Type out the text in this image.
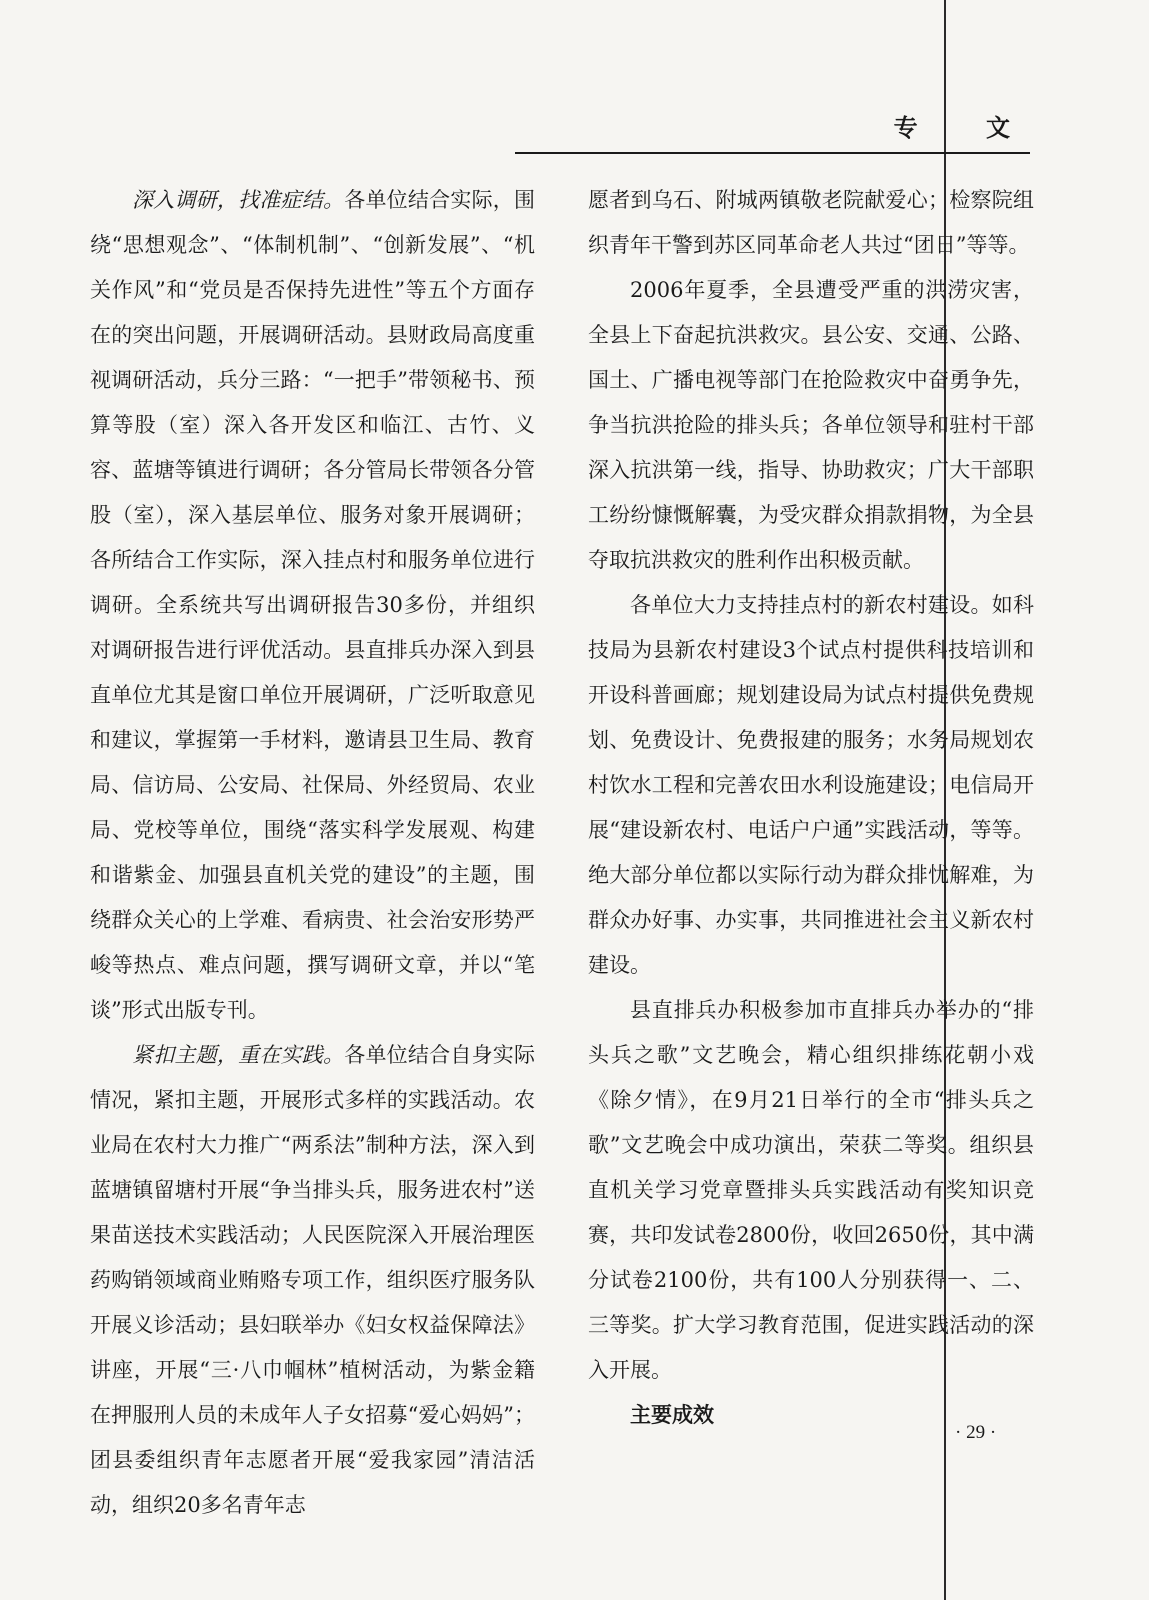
专 文

深入调研，找准症结。各单位结合实际，围绕“思想观念”、“体制机制”、“创新发展”、“机关作风”和“党员是否保持先进性”等五个方面存在的突出问题，开展调研活动。县财政局高度重视调研活动，兵分三路：“一把手”带领秘书、预算等股（室）深入各开发区和临江、古竹、义容、蓝塘等镇进行调研；各分管局长带领各分管股（室），深入基层单位、服务对象开展调研；各所结合工作实际，深入挂点村和服务单位进行调研。全系统共写出调研报告30多份，并组织对调研报告进行评优活动。县直排兵办深入到县直单位尤其是窗口单位开展调研，广泛听取意见和建议，掌握第一手材料，邀请县卫生局、教育局、信访局、公安局、社保局、外经贸局、农业局、党校等单位，围绕“落实科学发展观、构建和谐紫金、加强县直机关党的建设”的主题，围绕群众关心的上学难、看病贵、社会治安形势严峻等热点、难点问题，撰写调研文章，并以“笔谈”形式出版专刊。

紧扣主题，重在实践。各单位结合自身实际情况，紧扣主题，开展形式多样的实践活动。农业局在农村大力推广“两系法”制种方法，深入到蓝塘镇留塘村开展“争当排头兵，服务进农村”送果苗送技术实践活动；人民医院深入开展治理医药购销领域商业贿赂专项工作，组织医疗服务队开展义诊活动；县妇联举办《妇女权益保障法》讲座，开展“三·八巾帼林”植树活动，为紫金籍在押服刑人员的未成年人子女招募“爱心妈妈”；团县委组织青年志愿者开展“爱我家园”清洁活动，组织20多名青年志

愿者到乌石、附城两镇敬老院献爱心；检察院组织青年干警到苏区同革命老人共过“团日”等等。

2006年夏季，全县遭受严重的洪涝灾害，全县上下奋起抗洪救灾。县公安、交通、公路、国土、广播电视等部门在抢险救灾中奋勇争先，争当抗洪抢险的排头兵；各单位领导和驻村干部深入抗洪第一线，指导、协助救灾；广大干部职工纷纷慷慨解囊，为受灾群众捐款捐物，为全县夺取抗洪救灾的胜利作出积极贡献。

各单位大力支持挂点村的新农村建设。如科技局为县新农村建设3个试点村提供科技培训和开设科普画廊；规划建设局为试点村提供免费规划、免费设计、免费报建的服务；水务局规划农村饮水工程和完善农田水利设施建设；电信局开展“建设新农村、电话户户通”实践活动，等等。绝大部分单位都以实际行动为群众排忧解难，为群众办好事、办实事，共同推进社会主义新农村建设。

县直排兵办积极参加市直排兵办举办的“排头兵之歌”文艺晚会，精心组织排练花朝小戏《除夕情》，在9月21日举行的全市“排头兵之歌”文艺晚会中成功演出，荣获二等奖。组织县直机关学习党章暨排头兵实践活动有奖知识竞赛，共印发试卷2800份，收回2650份，其中满分试卷2100份，共有100人分别获得一、二、三等奖。扩大学习教育范围，促进实践活动的深入开展。

主要成效

· 29 ·
